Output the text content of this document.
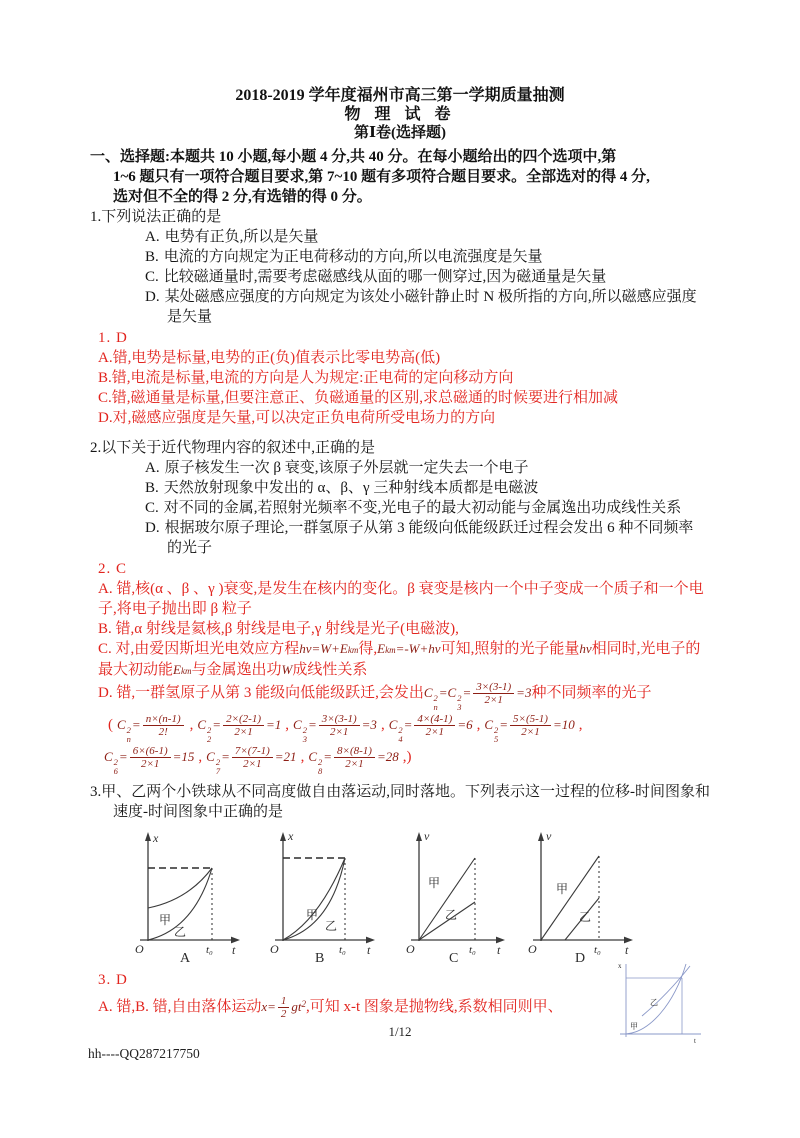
2018-2019 学年度福州市高三第一学期质量抽测
物 理 试 卷
第Ⅰ卷(选择题)

一、选择题:本题共 10 小题,每小题 4 分,共 40 分。在每小题给出的四个选项中,第
1~6 题只有一项符合题目要求,第 7~10 题有多项符合题目要求。全部选对的得 4 分,
选对但不全的得 2 分,有选错的得 0 分。

1.下列说法正确的是
A. 电势有正负,所以是矢量
B. 电流的方向规定为正电荷移动的方向,所以电流强度是矢量
C. 比较磁通量时,需要考虑磁感线从面的哪一侧穿过,因为磁通量是矢量
D. 某处磁感应强度的方向规定为该处小磁针静止时 N 极所指的方向,所以磁感应强度是矢量
1. D
A.错,电势是标量,电势的正(负)值表示比零电势高(低)
B.错,电流是标量,电流的方向是人为规定:正电荷的定向移动方向
C.错,磁通量是标量,但要注意正、负磁通量的区别,求总磁通的时候要进行相加减
D.对,磁感应强度是矢量,可以决定正负电荷所受电场力的方向
2.以下关于近代物理内容的叙述中,正确的是
A. 原子核发生一次 β 衰变,该原子外层就一定失去一个电子
B. 天然放射现象中发出的 α、β、γ 三种射线本质都是电磁波
C. 对不同的金属,若照射光频率不变,光电子的最大初动能与金属逸出功成线性关系
D. 根据玻尔原子理论,一群氢原子从第 3 能级向低能级跃迁过程会发出 6 种不同频率的光子
2. C
A. 错,核(α 、β 、γ )衰变,是发生在核内的变化。β 衰变是核内一个中子变成一个质子和一个电子,将电子抛出即 β 粒子
B. 错,α 射线是氦核,β 射线是电子,γ 射线是光子(电磁波),
C. 对,由爱因斯坦光电效应方程hν=W+Ekm得,Ekm=-W+hν可知,照射的光子能量hν相同时,光电子的最大初动能Ekm与金属逸出功W成线性关系
D. 错,一群氢原子从第 3 能级向低能级跃迁,会发出C 2
n
=C 2
3
= $\frac{3\times(3-1)}{2\times 1} =3$种不同频率的光子
( C 2
n
= $\frac{n\times(n-1)}{2!}$ , C 2
2
= $\frac{2\times(2-1)}{2\times 1} =1$ , C 2
3
= $\frac{3\times(3-1)}{2\times 1} =3$ , C 2
4
= $\frac{4\times(4-1)}{2\times 1} =6$ , C 2
5
= $\frac{5\times(5-1)}{2\times 1} =10$ ,
C 2
6
= $\frac{6\times(6-1)}{2\times 1} =15$ , C 2
7
= $\frac{7\times(7-1)}{2\times 1} =21$ , C 2
8
= $\frac{8\times(8-1)}{2\times 1} =28$ ,)
3.甲、乙两个小铁球从不同高度做自由落运动,同时落地。下列表示这一过程的位移-时间图象和速度-时间图象中正确的是
x
t
O	t₀
甲
乙
A
x
t
O	t₀
甲
乙
B
v
t
O	t₀
甲
乙
C
v
t
O	t₀
甲
乙
D
3. D
A. 错,B. 错,自由落体运动$x= \frac{1}{2} gt^2$,可知 x-t 图象是抛物线,系数相同则甲、
x
t
乙
甲
1/12
hh----QQ287217750
